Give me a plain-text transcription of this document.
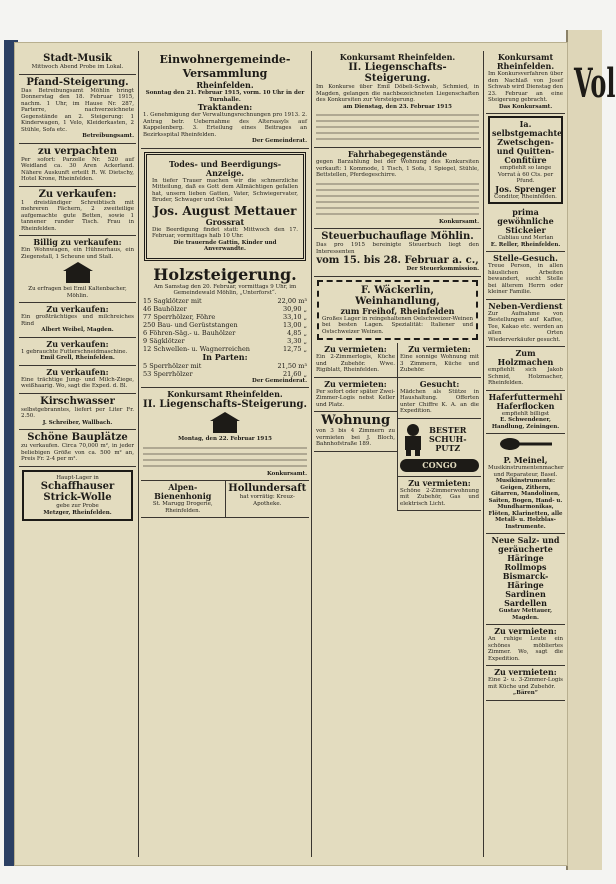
Vol
Stadt-Musik
Mittwoch Abend Probe im Lokal.
Pfand-Steigerung.
Das Betreibungsamt Möhlin bringt Donnerstag den 18. Februar 1915, nachm. 1 Uhr, im Hause Nr. 287, Parterre, nachverzeichnete Gegenstände an 2. Steigerung: 1 Kinderwagen, 1 Velo, Kleiderkasten, 2 Stühle, Sofa etc.
Betreibungsamt.
zu verpachten
Per sofort: Parzelle Nr. 520 auf Weidland ca. 30 Aren Ackerland. Nähere Auskunft erteilt R. W. Dietschy, Hotel Krone, Rheinfelden.
Zu verkaufen:
1 dreiständiger Schreibtisch mit mehreren Fächern, 2 zweiteilige aufgemachte gute Betten, sowie 1 tannener runder Tisch. Frau in Rheinfelden.
Billig zu verkaufen:
Ein Wohnwagen, ein Hühnerhaus, ein Ziegenstall, 1 Scheune und Stall.
Zu erfragen bei Emil Kaltenbacher, Möhlin.
Zu verkaufen:
Ein großträchtiges und milchreiches Rind
Albert Weibel, Magden.
Zu verkaufen:
1 gebrauchte Futterschneidmaschine.
Emil Grell, Rheinfelden.
Zu verkaufen:
Eine trächtige Jung- und Milch-Ziege, weißhaarig. Wo, sagt die Exped. d. Bl.
Kirschwasser
selbstgebranntes, liefert per Liter Fr. 2.50.
J. Schreiber, Wallbach.
Schöne Bauplätze
zu verkaufen. Circa 70,000 m², in jeder beliebigen Größe von ca. 500 m² an, Preis Fr. 2-4 per m².
Haupt-Lager in
Schaffhauser Strick-Wolle
gebe zur Probe
Metzger, Rheinfelden.
Einwohnergemeinde-Versammlung
Rheinfelden.
Sonntag den 21. Februar 1915, vorm. 10 Uhr in der Turnhalle.
Traktanden:
1. Genehmigung der Verwaltungsrechnungen pro 1913. 2. Antrag betr. Uebernahme des Altersasyls auf Kappelenberg. 3. Erteilung eines Beitrages an Bezirksspital Rheinfelden.
Der Gemeinderat.
Todes- und Beerdigungs-Anzeige.
In tiefer Trauer machen wir die schmerzliche Mitteilung, daß es Gott dem Allmächtigen gefallen hat, unsern lieben Gatten, Vater, Schwiegervater, Bruder, Schwager und Onkel
Jos. August Mettauer
Grossrat
Die Beerdigung findet statt: Mittwoch den 17. Februar, vormittags halb 10 Uhr.
Die trauernde Gattin, Kinder und Anverwandte.
Holzsteigerung.
Am Samstag den 20. Februar, vormittags 9 Uhr, im Gemeindewald Möhlin, „Unterforst“.
15 Sagklötzer mit	22,00 m³
46 Bauhölzer	30,90 „
77 Sperrhölzer, Föhre	33,10 „
250 Bau- und Gerüststangen	13,00 „
6 Föhren-Säg.- u. Bauhölzer	4,85 „
9 Sägklötzer	3,30 „
12 Schwellen- u. Wagnerreichen	12,75 „
In Parten:
5 Sperrhölzer mit	21,50 m³
53 Sperrhölzer	21,60 „
Der Gemeinderat.
Konkursamt Rheinfelden.
II. Liegenschafts-Steigerung.
Montag, den 22. Februar 1915
Konkursamt.
Alpen-Bienenhonig
St. Marugg Drogerie, Rheinfelden.
Hollundersaft
hat vorrätig: Kreuz-Apotheke.
Konkursamt Rheinfelden.
II. Liegenschafts-Steigerung.
Im Konkurse über Emil Döbeli-Schwab, Schmied, in Magden, gelangen die nachbezeichneten Liegenschaften des Konkursiten zur Versteigerung.
am Dienstag, den 23. Februar 1915
Fahrhabegegenstände
gegen Barzahlung bei der Wohnung des Konkursiten verkauft: 1 Kommode, 1 Tisch, 1 Sofa, 1 Spiegel, Stühle, Bettstellen, Pferdegeschirre.
Konkursamt.
Steuerbuchauflage Möhlin.
Das pro 1915 bereinigte Steuerbuch liegt den Interessenten
vom 15. bis 28. Februar a. c.,
Der Steuerkommission.
F. Wäckerlin, Weinhandlung,
zum Freihof, Rheinfelden
Großes Lager in reingehaltenen Oelschweizer-Weinen bei besten Lagen. Spezialität: Italiener und Ostschweizer Weinen.
Zu vermieten:
Ein 2-Zimmerlogis, Küche und Zubehör. Wwe. Rigiblatt, Rheinfelden.
Zu vermieten:
Per sofort oder später Zwei-Zimmer-Logis nebst Keller und Platz.
Wohnung
von 3 bis 4 Zimmern zu vermieten bei J. Bloch, Bahnhofstraße 189.
Zu vermieten:
Eine sonnige Wohnung mit 3 Zimmern, Küche und Zubehör.
Gesucht:
Mädchen als Stütze in Haushaltung. Offerten unter Chiffre K. A. an die Expedition.
BESTER
SCHUH-
PUTZ
CONGO
Zu vermieten:
Schöne 2-Zimmerwohnung mit Zubehör, Gas und elektrisch Licht.
Konkursamt Rheinfelden.
Im Konkursverfahren über den Nachlaß von Josef Schwab wird Dienstag den 23. Februar an eine Steigerung gebracht.
Das Konkursamt.
Ia. selbstgemachte Zwetschgen- und Quitten- Confitüre
empfiehlt so lange Vorrat à 60 Cts. per Pfund.
Jos. Sprenger
Conditor, Rheinfelden.
prima gewöhnliche Stickeier
Cabliau und Merlan
E. Reller, Rheinfelden.
Stelle-Gesuch.
Treue Person, in allen häuslichen Arbeiten bewandert, sucht Stelle bei älterem Herrn oder kleiner Familie.
Neben-Verdienst
Zur Aufnahme von Bestellungen auf Kaffee, Tee, Kakao etc. werden an allen Orten Wiederverkäufer gesucht.
Zum Holzmachen
empfiehlt sich Jakob Schmid, Holzmacher, Rheinfelden.
Haferfuttermehl Haferflocken
empfiehlt billigst
E. Schwendener, Handlung, Zeiningen.
P. Meinel,
Musikinstrumentenmacher und Reparateur, Basel.
Musikinstrumente: Geigen, Zithern, Gitarren, Mandolinen, Saiten, Bogen, Hand- u. Mundharmonikas, Flöten, Klarinetten, alle Metall- u. Holzblas-Instrumente.
Neue Salz- und geräucherte Häringe Rollmops Bismarck-Häringe Sardinen Sardellen
Gustav Mettauer, Magden.
Zu vermieten:
An ruhige Leute ein schönes möbliertes Zimmer. Wo, sagt die Expedition.
Zu vermieten:
Eine 2- u. 3-Zimmer-Logis mit Küche und Zubehör.
„Bären“
